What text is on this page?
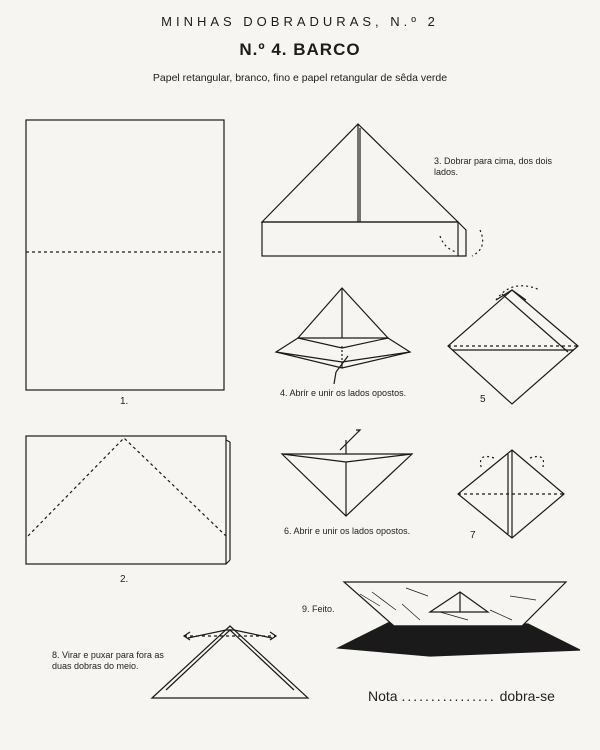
MINHAS DOBRADURAS, N.º 2
N.º 4. BARCO
Papel retangular, branco, fino e papel retangular de sêda verde
1.
2.
3. Dobrar para cima, dos dois lados.
4. Abrir e unir os lados opostos.
5
6. Abrir e unir os lados opostos.	7
8. Virar e puxar para fora as duas dobras do meio.
9. Feito.
Nota ................ dobra-se
